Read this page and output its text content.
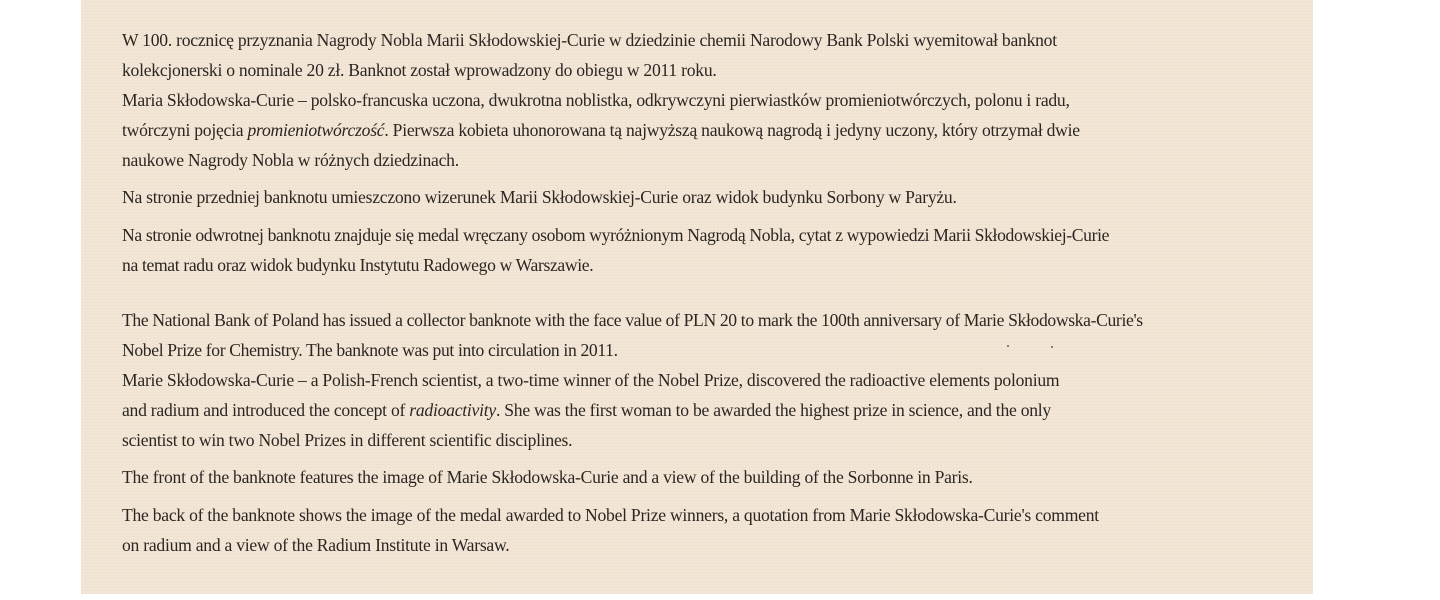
W 100. rocznicę przyznania Nagrody Nobla Marii Skłodowskiej-Curie w dziedzinie chemii Narodowy Bank Polski wyemitował banknot
kolekcjonerski o nominale 20 zł. Banknot został wprowadzony do obiegu w 2011 roku.

Maria Skłodowska-Curie – polsko-francuska uczona, dwukrotna noblistka, odkrywczyni pierwiastków promieniotwórczych, polonu i radu,
twórczyni pojęcia promieniotwórczość. Pierwsza kobieta uhonorowana tą najwyższą naukową nagrodą i jedyny uczony, który otrzymał dwie
naukowe Nagrody Nobla w różnych dziedzinach.

Na stronie przedniej banknotu umieszczono wizerunek Marii Skłodowskiej-Curie oraz widok budynku Sorbony w Paryżu.

Na stronie odwrotnej banknotu znajduje się medal wręczany osobom wyróżnionym Nagrodą Nobla, cytat z wypowiedzi Marii Skłodowskiej-Curie
na temat radu oraz widok budynku Instytutu Radowego w Warszawie.

The National Bank of Poland has issued a collector banknote with the face value of PLN 20 to mark the 100th anniversary of Marie Skłodowska-Curie's
Nobel Prize for Chemistry. The banknote was put into circulation in 2011.

Marie Skłodowska-Curie – a Polish-French scientist, a two-time winner of the Nobel Prize, discovered the radioactive elements polonium
and radium and introduced the concept of radioactivity. She was the first woman to be awarded the highest prize in science, and the only
scientist to win two Nobel Prizes in different scientific disciplines.

The front of the banknote features the image of Marie Skłodowska-Curie and a view of the building of the Sorbonne in Paris.

The back of the banknote shows the image of the medal awarded to Nobel Prize winners, a quotation from Marie Skłodowska-Curie's comment
on radium and a view of the Radium Institute in Warsaw.
